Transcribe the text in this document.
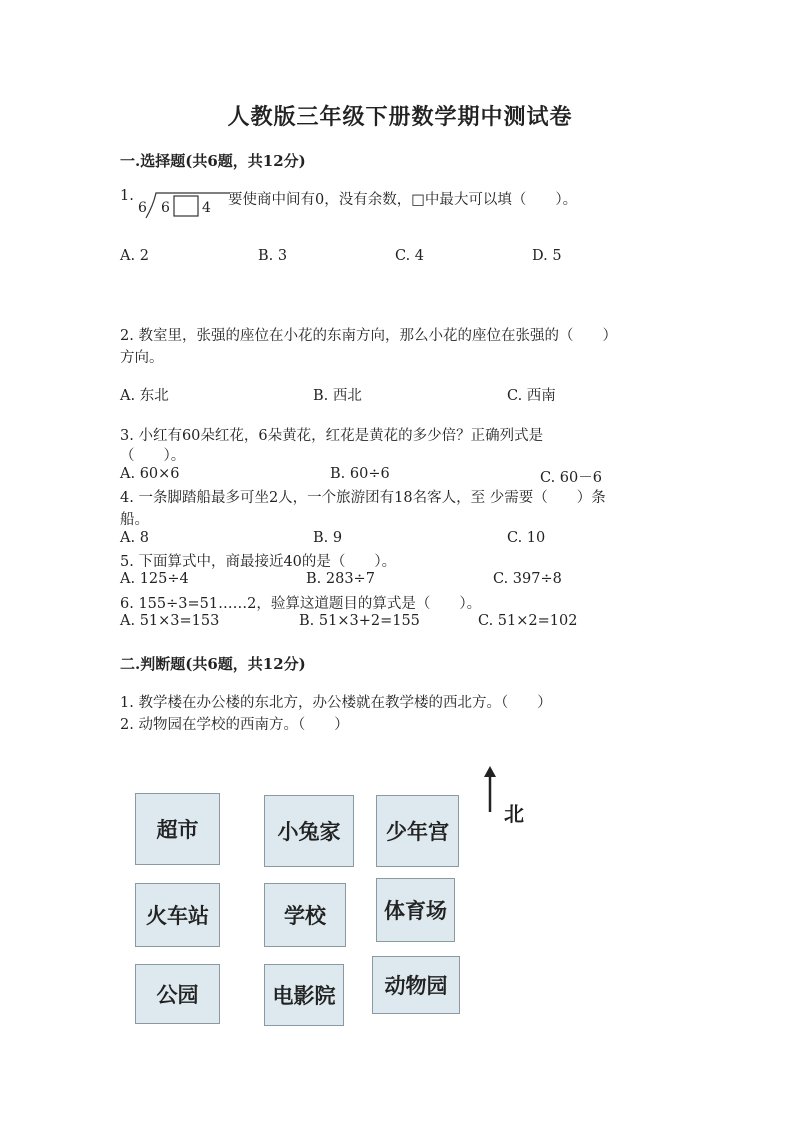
人教版三年级下册数学期中测试卷
一.选择题(共6题，共12分)
1.
6 6 4 要使商中间有0，没有余数，□中最大可以填（　　）。
A. 2	B. 3	C. 4	D. 5
2. 教室里，张强的座位在小花的东南方向，那么小花的座位在张强的（　　）
方向。
A. 东北	B. 西北	C. 西南
3. 小红有60朵红花，6朵黄花，红花是黄花的多少倍？正确列式是
（　　）。
A. 60×6	B. 60÷6	C. 60－6
4. 一条脚踏船最多可坐2人，一个旅游团有18名客人，至 少需要（　　）条
船。
A. 8	B. 9	C. 10
5. 下面算式中，商最接近40的是（　　）。
A. 125÷4	B. 283÷7	C. 397÷8
6. 155÷3=51……2，验算这道题目的算式是（　　）。
A. 51×3=153	B. 51×3+2=155	C. 51×2=102
二.判断题(共6题，共12分)
1. 教学楼在办公楼的东北方，办公楼就在教学楼的西北方。（　　）
2. 动物园在学校的西南方。（　　）
北
超市	小兔家	少年宫
火车站	学校	体育场
公园	电影院	动物园
